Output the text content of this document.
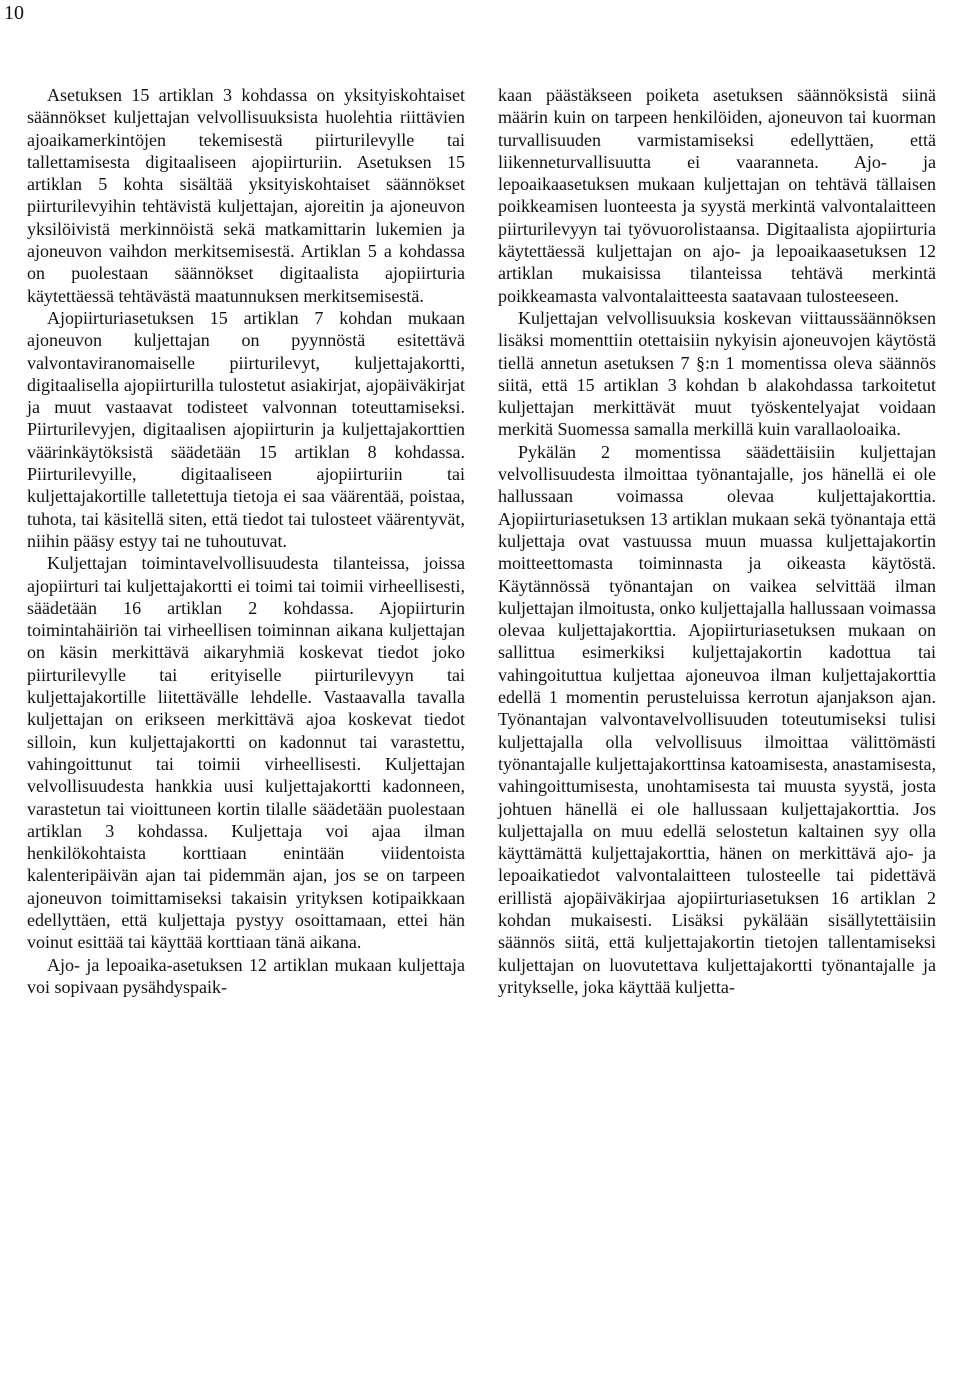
10

Asetuksen 15 artiklan 3 kohdassa on yksityiskohtaiset säännökset kuljettajan velvollisuuksista huolehtia riittävien ajoaikamerkintöjen tekemisestä piirturilevylle tai tallettamisesta digitaaliseen ajopiirturiin. Asetuksen 15 artiklan 5 kohta sisältää yksityiskohtaiset säännökset piirturilevyihin tehtävistä kuljettajan, ajoreitin ja ajoneuvon yksilöivistä merkinnöistä sekä matkamittarin lukemien ja ajoneuvon vaihdon merkitsemisestä. Artiklan 5 a kohdassa on puolestaan säännökset digitaalista ajopiirturia käytettäessä tehtävästä maatunnuksen merkitsemisestä.

Ajopiirturiasetuksen 15 artiklan 7 kohdan mukaan ajoneuvon kuljettajan on pyynnöstä esitettävä valvontaviranomaiselle piirturilevyt, kuljettajakortti, digitaalisella ajopiirturilla tulostetut asiakirjat, ajopäiväkirjat ja muut vastaavat todisteet valvonnan toteuttamiseksi. Piirturilevyjen, digitaalisen ajopiirturin ja kuljettajakorttien väärinkäytöksistä säädetään 15 artiklan 8 kohdassa. Piirturilevyille, digitaaliseen ajopiirturiin tai kuljettajakortille talletettuja tietoja ei saa väärentää, poistaa, tuhota, tai käsitellä siten, että tiedot tai tulosteet väärentyvät, niihin pääsy estyy tai ne tuhoutuvat.

Kuljettajan toimintavelvollisuudesta tilanteissa, joissa ajopiirturi tai kuljettajakortti ei toimi tai toimii virheellisesti, säädetään 16 artiklan 2 kohdassa. Ajopiirturin toimintahäiriön tai virheellisen toiminnan aikana kuljettajan on käsin merkittävä aikaryhmiä koskevat tiedot joko piirturilevylle tai erityiselle piirturilevyyn tai kuljettajakortille liitettävälle lehdelle. Vastaavalla tavalla kuljettajan on erikseen merkittävä ajoa koskevat tiedot silloin, kun kuljettajakortti on kadonnut tai varastettu, vahingoittunut tai toimii virheellisesti. Kuljettajan velvollisuudesta hankkia uusi kuljettajakortti kadonneen, varastetun tai vioittuneen kortin tilalle säädetään puolestaan artiklan 3 kohdassa. Kuljettaja voi ajaa ilman henkilökohtaista korttiaan enintään viidentoista kalenteripäivän ajan tai pidemmän ajan, jos se on tarpeen ajoneuvon toimittamiseksi takaisin yrityksen kotipaikkaan edellyttäen, että kuljettaja pystyy osoittamaan, ettei hän voinut esittää tai käyttää korttiaan tänä aikana.

Ajo- ja lepoaika-asetuksen 12 artiklan mukaan kuljettaja voi sopivaan pysähdyspaik-

kaan päästäkseen poiketa asetuksen säännöksistä siinä määrin kuin on tarpeen henkilöiden, ajoneuvon tai kuorman turvallisuuden varmistamiseksi edellyttäen, että liikenneturvallisuutta ei vaaranneta. Ajo- ja lepoaikaasetuksen mukaan kuljettajan on tehtävä tällaisen poikkeamisen luonteesta ja syystä merkintä valvontalaitteen piirturilevyyn tai työvuorolistaansa. Digitaalista ajopiirturia käytettäessä kuljettajan on ajo- ja lepoaikaasetuksen 12 artiklan mukaisissa tilanteissa tehtävä merkintä poikkeamasta valvontalaitteesta saatavaan tulosteeseen.

Kuljettajan velvollisuuksia koskevan viittaussäännöksen lisäksi momenttiin otettaisiin nykyisin ajoneuvojen käytöstä tiellä annetun asetuksen 7 §:n 1 momentissa oleva säännös siitä, että 15 artiklan 3 kohdan b alakohdassa tarkoitetut kuljettajan merkittävät muut työskentelyajat voidaan merkitä Suomessa samalla merkillä kuin varallaoloaika.

Pykälän 2 momentissa säädettäisiin kuljettajan velvollisuudesta ilmoittaa työnantajalle, jos hänellä ei ole hallussaan voimassa olevaa kuljettajakorttia. Ajopiirturiasetuksen 13 artiklan mukaan sekä työnantaja että kuljettaja ovat vastuussa muun muassa kuljettajakortin moitteettomasta toiminnasta ja oikeasta käytöstä. Käytännössä työnantajan on vaikea selvittää ilman kuljettajan ilmoitusta, onko kuljettajalla hallussaan voimassa olevaa kuljettajakorttia. Ajopiirturiasetuksen mukaan on sallittua esimerkiksi kuljettajakortin kadottua tai vahingoituttua kuljettaa ajoneuvoa ilman kuljettajakorttia edellä 1 momentin perusteluissa kerrotun ajanjakson ajan. Työnantajan valvontavelvollisuuden toteutumiseksi tulisi kuljettajalla olla velvollisuus ilmoittaa välittömästi työnantajalle kuljettajakorttinsa katoamisesta, anastamisesta, vahingoittumisesta, unohtamisesta tai muusta syystä, josta johtuen hänellä ei ole hallussaan kuljettajakorttia. Jos kuljettajalla on muu edellä selostetun kaltainen syy olla käyttämättä kuljettajakorttia, hänen on merkittävä ajo- ja lepoaikatiedot valvontalaitteen tulosteelle tai pidettävä erillistä ajopäiväkirjaa ajopiirturiasetuksen 16 artiklan 2 kohdan mukaisesti. Lisäksi pykälään sisällytettäisiin säännös siitä, että kuljettajakortin tietojen tallentamiseksi kuljettajan on luovutettava kuljettajakortti työnantajalle ja yritykselle, joka käyttää kuljetta-
